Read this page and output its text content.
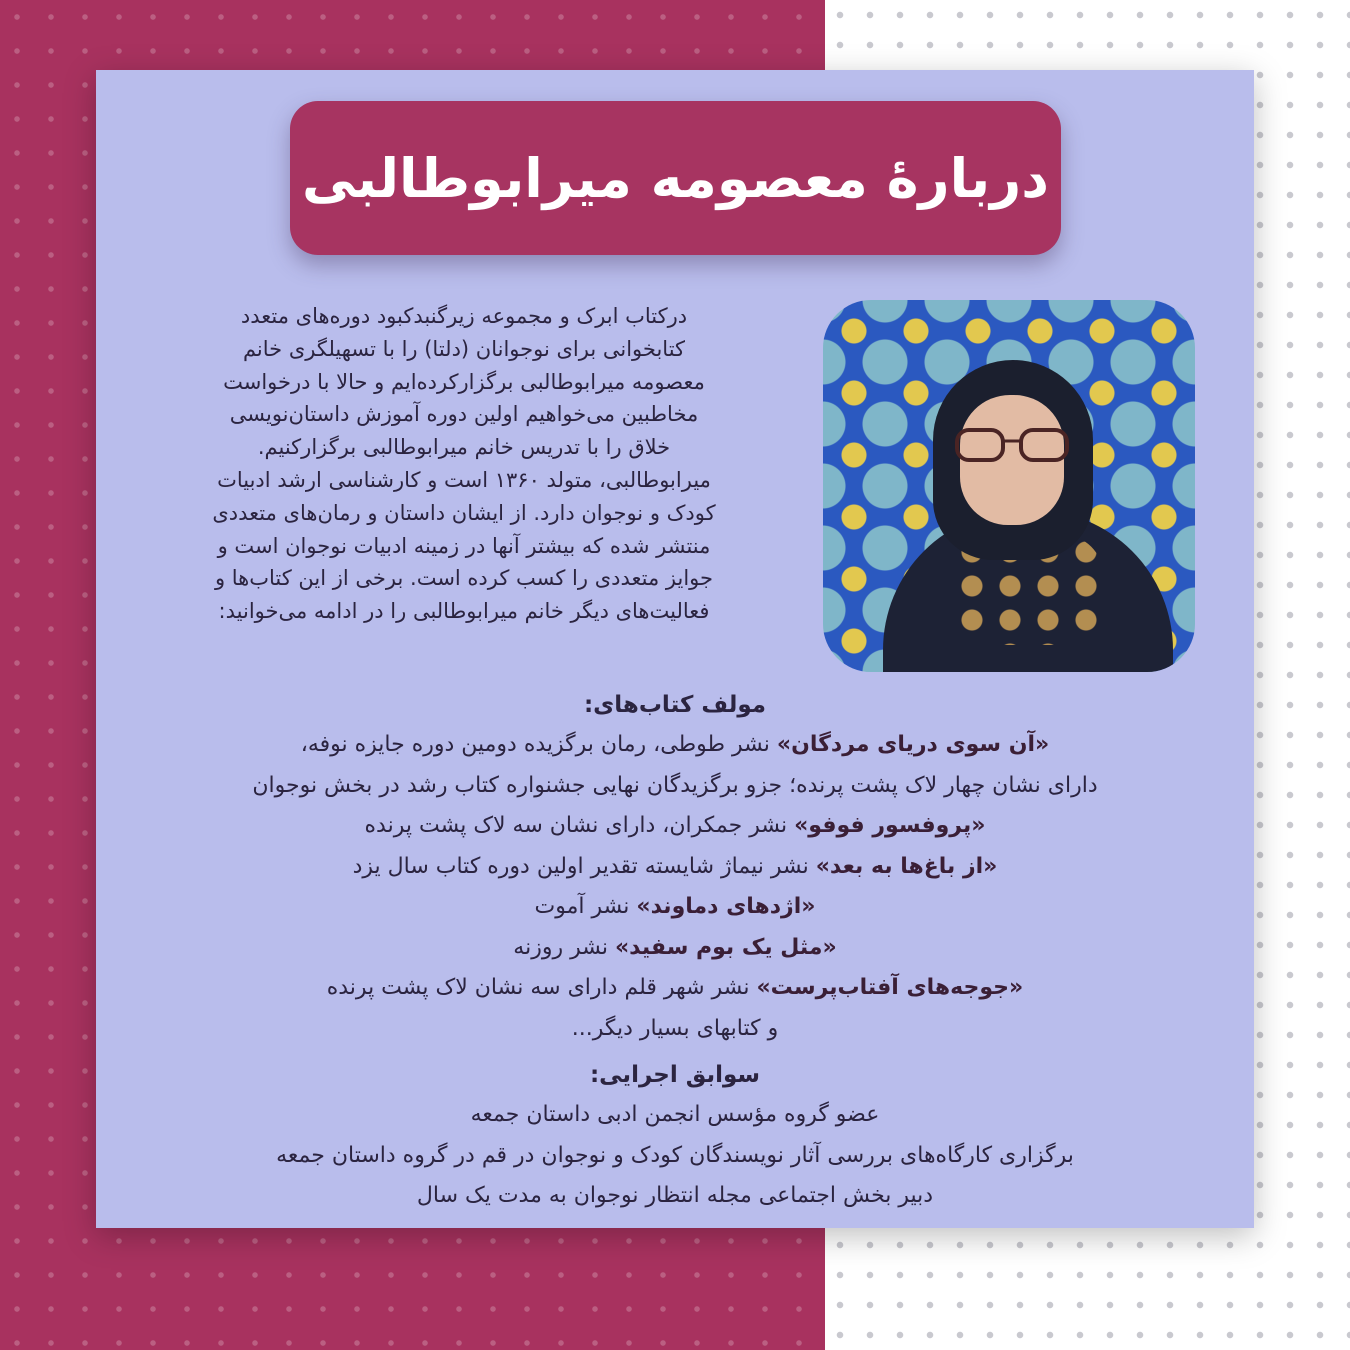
دربارهٔ معصومه میرابوطالبی
درکتاب ابرک و مجموعه زیرگنبدکبود دوره‌های متعدد
کتابخوانی برای نوجوانان (دلتا) را با تسهیلگری خانم
معصومه میرابوطالبی برگزارکرده‌ایم و حالا با درخواست
مخاطبین می‌خواهیم اولین دوره آموزش داستان‌نویسی
خلاق را با تدریس خانم میرابوطالبی برگزارکنیم.
میرابوطالبی، متولد ۱۳۶۰ است و کارشناسی ارشد ادبیات
کودک و نوجوان دارد. از ایشان داستان و رمان‌های متعددی
منتشر شده که بیشتر آنها در زمینه ادبیات نوجوان است و
جوایز متعددی را کسب کرده است. برخی از این کتاب‌ها و
فعالیت‌های دیگر خانم میرابوطالبی را در ادامه می‌خوانید:
مولف کتاب‌های:
«آن سوی دریای مردگان» نشر طوطی، رمان برگزیده دومین دوره جایزه نوفه،
دارای نشان چهار لاک پشت پرنده؛ جزو برگزیدگان نهایی جشنواره کتاب رشد در بخش نوجوان
«پروفسور فوفو» نشر جمکران، دارای نشان سه لاک پشت پرنده
«از باغ‌ها به بعد» نشر نیماژ شایسته تقدیر اولین دوره کتاب سال یزد
«اژدهای دماوند» نشر آموت
«مثل یک بوم سفید» نشر روزنه
«جوجه‌های آفتاب‌پرست» نشر شهر قلم دارای سه نشان لاک پشت پرنده
و کتابهای بسیار دیگر...
سوابق اجرایی:
عضو گروه مؤسس انجمن ادبی داستان جمعه
برگزاری کارگاه‌های بررسی آثار نویسندگان کودک و نوجوان در قم در گروه داستان جمعه
دبیر بخش اجتماعی مجله انتظار نوجوان به مدت یک سال
